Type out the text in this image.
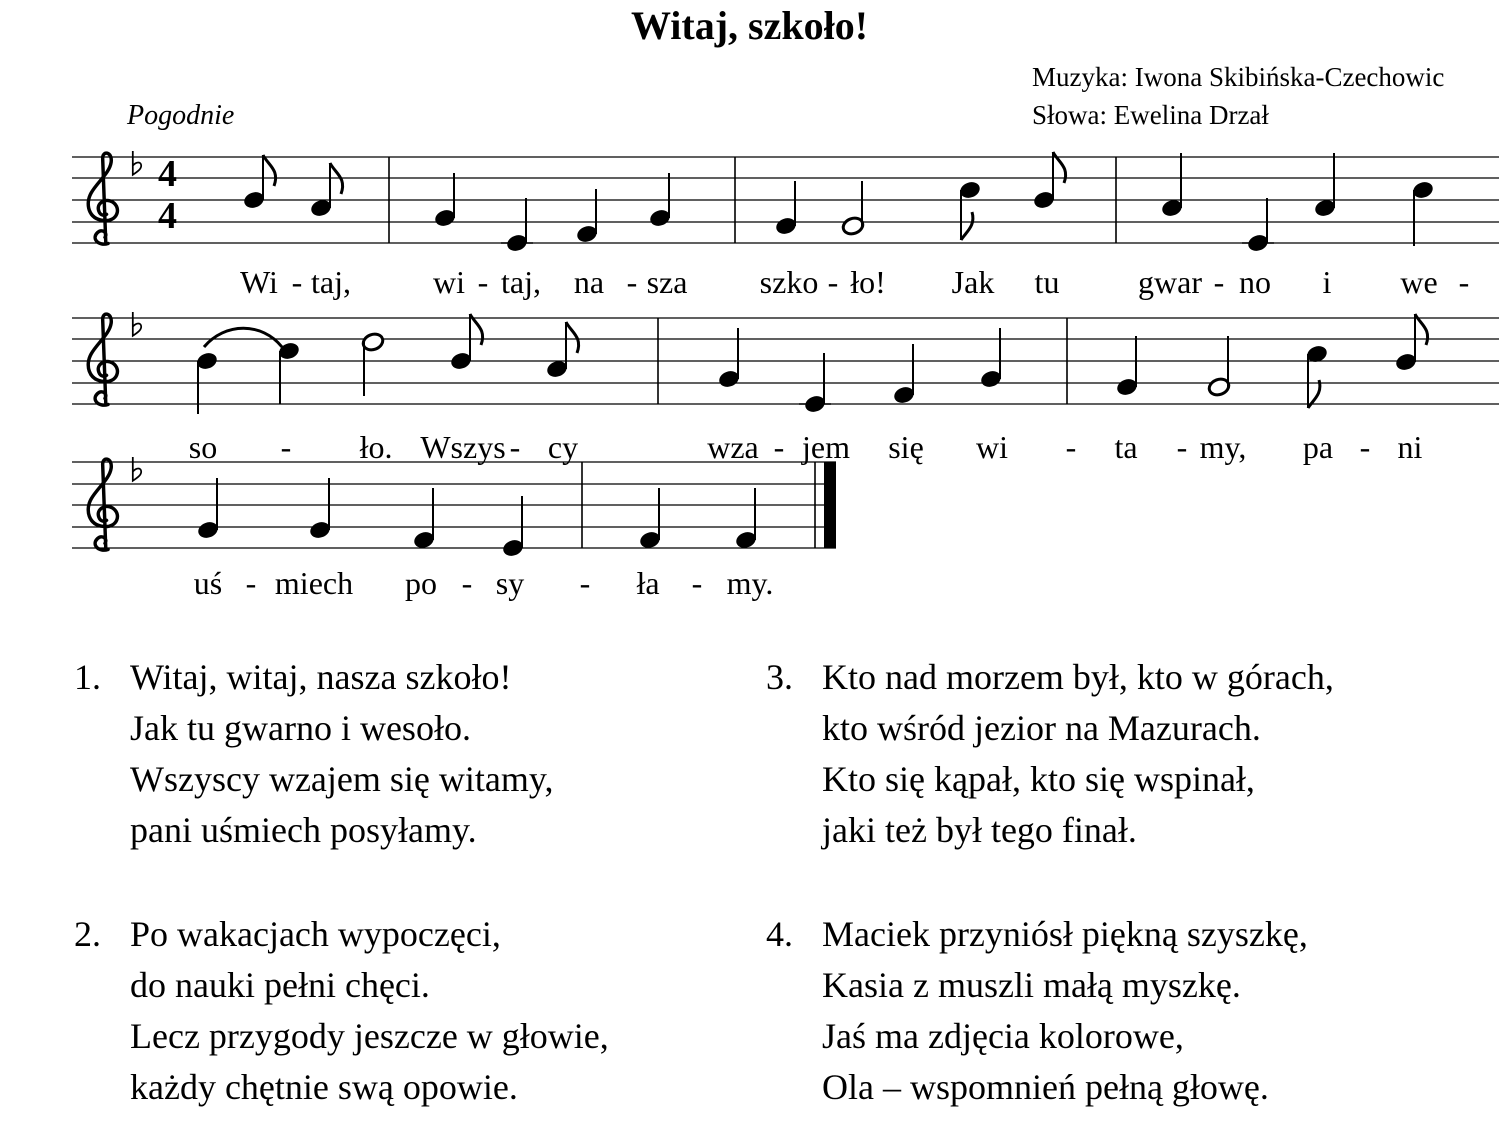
Witaj, szkoło!
Muzyka: Iwona Skibińska-Czechowic
Słowa: Ewelina Drzał
Pogodnie
4
4
Wi - taj,	wi - taj, na - sza szko - ło! Jak tu gwar - no i we -
so - ło. Wszys - cy	wza - jem się wi - ta - my, pa - ni
uś - miech po - sy - ła - my.
1. Witaj, witaj, nasza szkoło!
Jak tu gwarno i wesoło.
Wszyscy wzajem się witamy,
pani uśmiech posyłamy.
2. Po wakacjach wypoczęci,
do nauki pełni chęci.
Lecz przygody jeszcze w głowie,
każdy chętnie swą opowie.
3. Kto nad morzem był, kto w górach,
kto wśród jezior na Mazurach.
Kto się kąpał, kto się wspinał,
jaki też był tego finał.
4. Maciek przyniósł piękną szyszkę,
Kasia z muszli małą myszkę.
Jaś ma zdjęcia kolorowe,
Ola – wspomnień pełną głowę.
